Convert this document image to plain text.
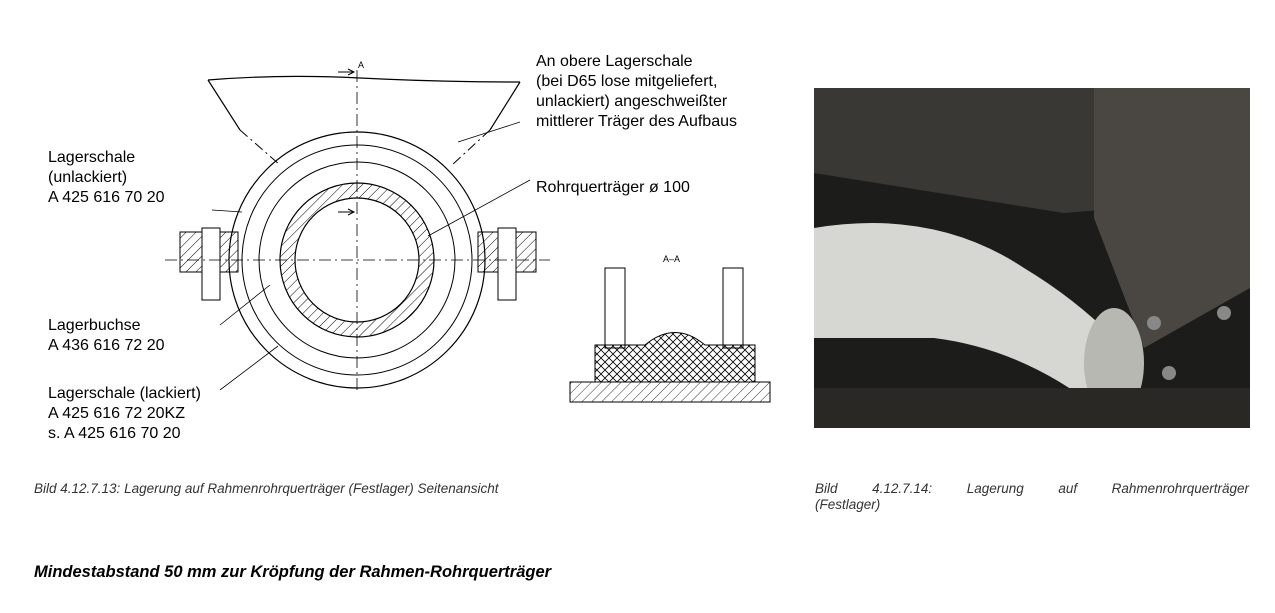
An obere Lagerschale
(bei D65 lose mitgeliefert,
unlackiert) angeschweißter
mittlerer Träger des Aufbaus
Rohrquerträger ø 100
Lagerschale
(unlackiert)
A 425 616 70 20
Lagerbuchse
A 436 616 72 20
Lagerschale (lackiert)
A 425 616 72 20KZ
s. A 425 616 70 20
A
A–A
Bild 4.12.7.13: Lagerung auf Rahmenrohrquerträger (Festlager) Seitenansicht	Bild	4.12.7.14:	Lagerung	auf	Rahmenrohrquerträger
(Festlager)
Mindestabstand 50 mm zur Kröpfung der Rahmen-Rohrquerträger
